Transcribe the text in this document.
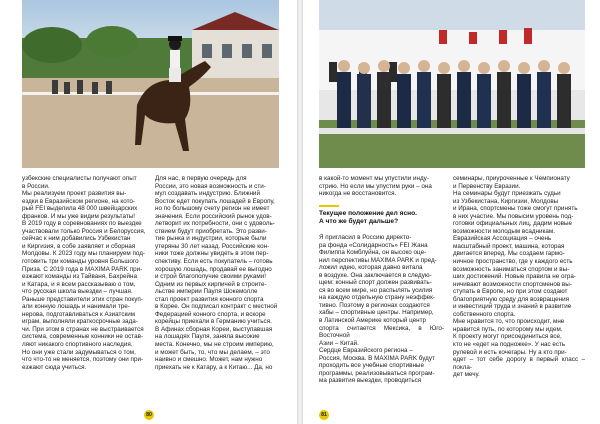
узбекские специалисты получают опыт
в России.
Мы реализуем проект развития вы-
ездки в Евразийском регионе, на кото-
рый FEI выделила 48 000 швейцарских
франков. И мы уже видим результаты!
В 2019 году в соревнованиях по выездке
участвовали только Россия и Белоруссия,
сейчас к ним добавились Узбекистан
и Киргизия, в собе заявляет и сборная
Молдовы. К 2023 году мы планируем под-
готовить три команды уровня Большого
Приза. С 2019 года в MAXIMA PARK при-
езжают команды из Тайваня, Бахрейна
и Катара, и я всем рассказываю о том,
что русская школа выездки – лучшая.
Раньше представители этих стран покуп-
али конную лошадь и нанимали тре-
нерова, подготавливаться к Азиатским
играм, выполняли краткосрочные зада-
чи. При этом в странах не выстраивается
система, современные конники не остав-
ляют никакого спортивного наследия.
Но они уже стали задумываться о том,
что что-то не меняется, поэтому они при-
езжают сюда учиться.
Для нас, в первую очередь для
России, это новая возможность и сти-
мул создавать индустрию. Ближний
Восток едет покупать лошадей в Европу,
но по большому счету регион не имеет
значения. Если российский рынок удов-
летворит их потребности, они с удоволь-
ствием будут приобретать. Это разви-
тие рынка и индустрии, которые были
утеряны 30 лет назад. Российские кон-
ники тоже должны увидеть в этом пер-
спективу. Если есть покупатель – готовь
хорошую лошадь, продавай ее выгодно
и строй благополучие своими руками!
Одним из первых кирпичей в строите-
льстве империи Пауля Шокемолле
стал проект развития конного спорта
в Корее. Он подписал контракт с местной
Федерацией конного спорта, и вскоре
корейцы приехали в Германию учиться.
В Афинах сборная Кореи, выступавшая
на лошадях Пауля, заняла высокие
места. Конечно, мы не строим империю,
и может быть, то, что мы делаем, – это
наивно и смешно. Может, нам нужно
приехать не к Катару, а к Китаю... Да, но
80
в какой-то момент мы упустили инду-
стрию. Но если мы упустим руки – она
никогда не восстановится.
Текущее положение дел ясно.
А что же будет дальше?
Я пригласил в Россию директо-
ра фонда «Солидарность» FEI Жана
Филиппа Комблуйна, он высоко оце-
нил перспективы MAXIMA PARK и пред-
ложил идею, которая давно витала
в воздухе. Она заключается в следую-
щем: конный спорт должен развивать-
ся во всем мире, но распылять усилия
на каждую отдельную страну неэффек-
тивно. Поэтому в регионах создаются
хабы – спортивные центры. Например,
в Латинской Америке который центр
спорта считается Мексика, в Юго-Восточной
Азии – Китай.
Сердце Евразийского региона –
Россия, Москва. В MAXIMA PARK будут
проходить все учебные спортивные
программы, реализовываться програм-
ма развития выездки, проводиться
семинары, приуроченные к Чемпионату
и Первенству Евразии.
На семинары будут приезжать судьи
из Узбекистана, Киргизии, Молдовы
и Ирана, спортсмены тоже смогут принять
в них участие. Мы повысим уровень под-
готовки официальных лиц, дадим новые
возможности молодым всадникам.
Евразийская Ассоциация – очень
масштабный проект, машина, которая
двигается вперед. Мы создаем гармо-
ничное пространство, где у каждого есть
возможность заниматься спортом и вы-
ших достижений. Новые правила не огра-
ничивают возможности спортсменов вы-
ступать в Европе, но при этом создают
благоприятную среду для возвращения
и инвестиций труда и знаний в развитие
собственного спорта.
Мне нравится то, что происходит, мне
нравится путь, по которому мы идем.
К проекту могут присоединиться все,
кто не «едет на подножке». У нас есть
рулевой и есть кочегары. Ну а кто при-
едет – тот себе дорогу в первый класс – покла-
дет мечу.
81
